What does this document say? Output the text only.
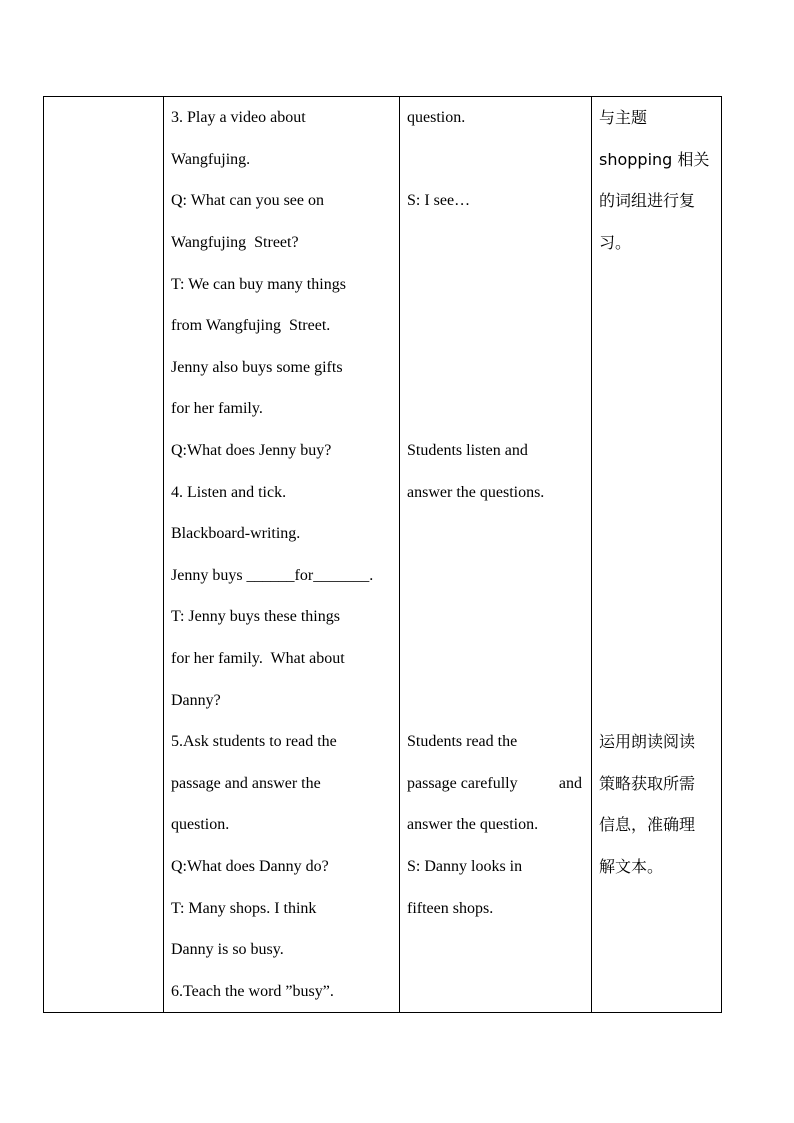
3. Play a video about
Wangfujing.
Q: What can you see on
Wangfujing  Street?
T: We can buy many things
from Wangfujing  Street.
Jenny also buys some gifts
for her family.
Q:What does Jenny buy?
4. Listen and tick.
Blackboard-writing.
Jenny buys ______for_______.
T: Jenny buys these things
for her family.  What about
Danny?
5.Ask students to read the
passage and answer the
question.
Q:What does Danny do?
T: Many shops. I think
Danny is so busy.
6.Teach the word ”busy”.
question.
S: I see…
Students listen and
answer the questions.
Students read the
passage carefully	and
answer the question.
S: Danny looks in
fifteen shops.
与主题
shopping 相关
的词组进行复
习。
运用朗读阅读
策略获取所需
信息，准确理
解文本。
